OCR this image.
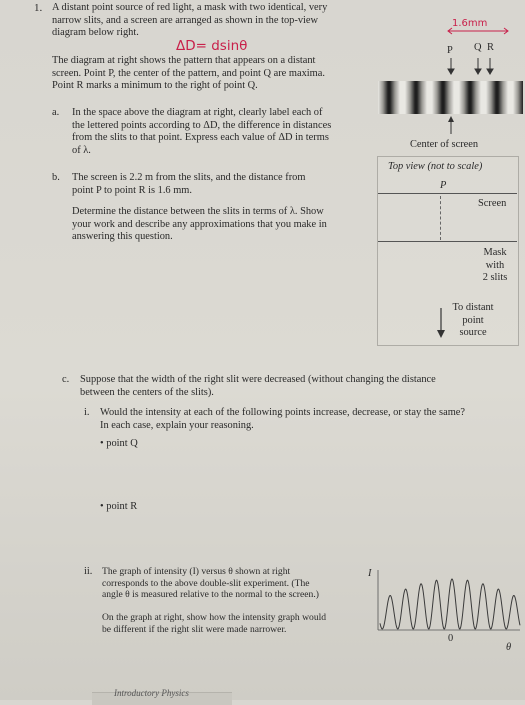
1. A distant point source of red light, a mask with two identical, very
narrow slits, and a screen are arranged as shown in the top-view
diagram below right.
ΔD= dsinθ
1.6mm
The diagram at right shows the pattern that appears on a distant
screen. Point P, the center of the pattern, and point Q are maxima.
Point R marks a minimum to the right of point Q.
a. In the space above the diagram at right, clearly label each of
the lettered points according to ΔD, the difference in distances
from the slits to that point. Express each value of ΔD in terms
of λ.
b. The screen is 2.2 m from the slits, and the distance from
point P to point R is 1.6 mm.
Determine the distance between the slits in terms of λ. Show
your work and describe any approximations that you make in
answering this question.
P Q R
Center of screen
Top view (not to scale)
P
Screen
Mask
with
2 slits
To distant
point
source
c. Suppose that the width of the right slit were decreased (without changing the distance
between the centers of the slits).
i. Would the intensity at each of the following points increase, decrease, or stay the same?
In each case, explain your reasoning.
• point Q
• point R
ii. The graph of intensity (I) versus θ shown at right
corresponds to the above double-slit experiment. (The
angle θ is measured relative to the normal to the screen.)
On the graph at right, show how the intensity graph would
be different if the right slit were made narrower.
I
θ
0
Introductory Physics
